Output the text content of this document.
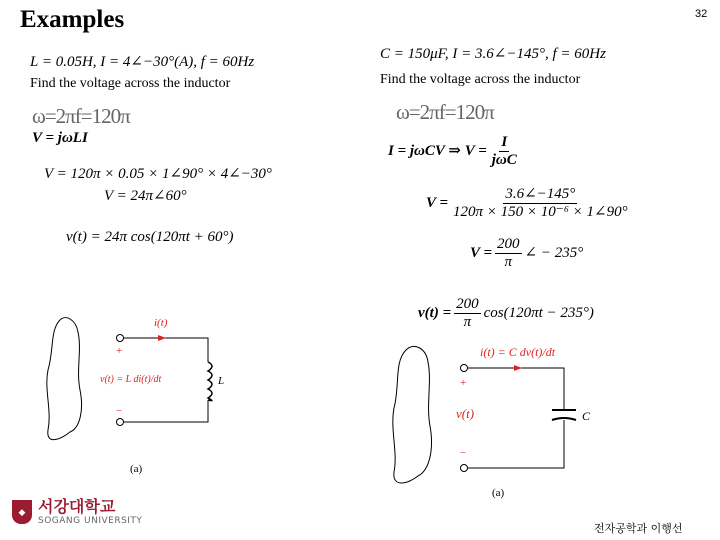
Examples	32
L = 0.05H, I = 4∠−30°(A), f = 60Hz
Find the voltage across the inductor
ω=2πf=120π
V = jωLI
V = 120π × 0.05 × 1∠90° × 4∠−30°
V = 24π∠60°
v(t) = 24π cos(120πt + 60°)
i(t)
+
−
v(t) = L di(t)/dt	L
(a)
C = 150μF, I = 3.6∠−145°, f = 60Hz
Find the voltage across the inductor
ω=2πf=120π
I = jωCV ⇒ $V = \frac{I}{\text{jωC}}$
$V = \frac{3.6\angle-145^\circ}{\text{120π × 150 × 10⁻⁶ × 1∠90°}}$
$V = \frac{200}{\pi}$ ∠ − 235°
$v(t) = \frac{200}{\pi} \cos(120\pi t - 235^\circ)$
i(t) = C dv(t)/dt
+
−
v(t)	C
(a)
◆ 서강대학교
SOGANG UNIVERSITY
전자공학과 이행선
